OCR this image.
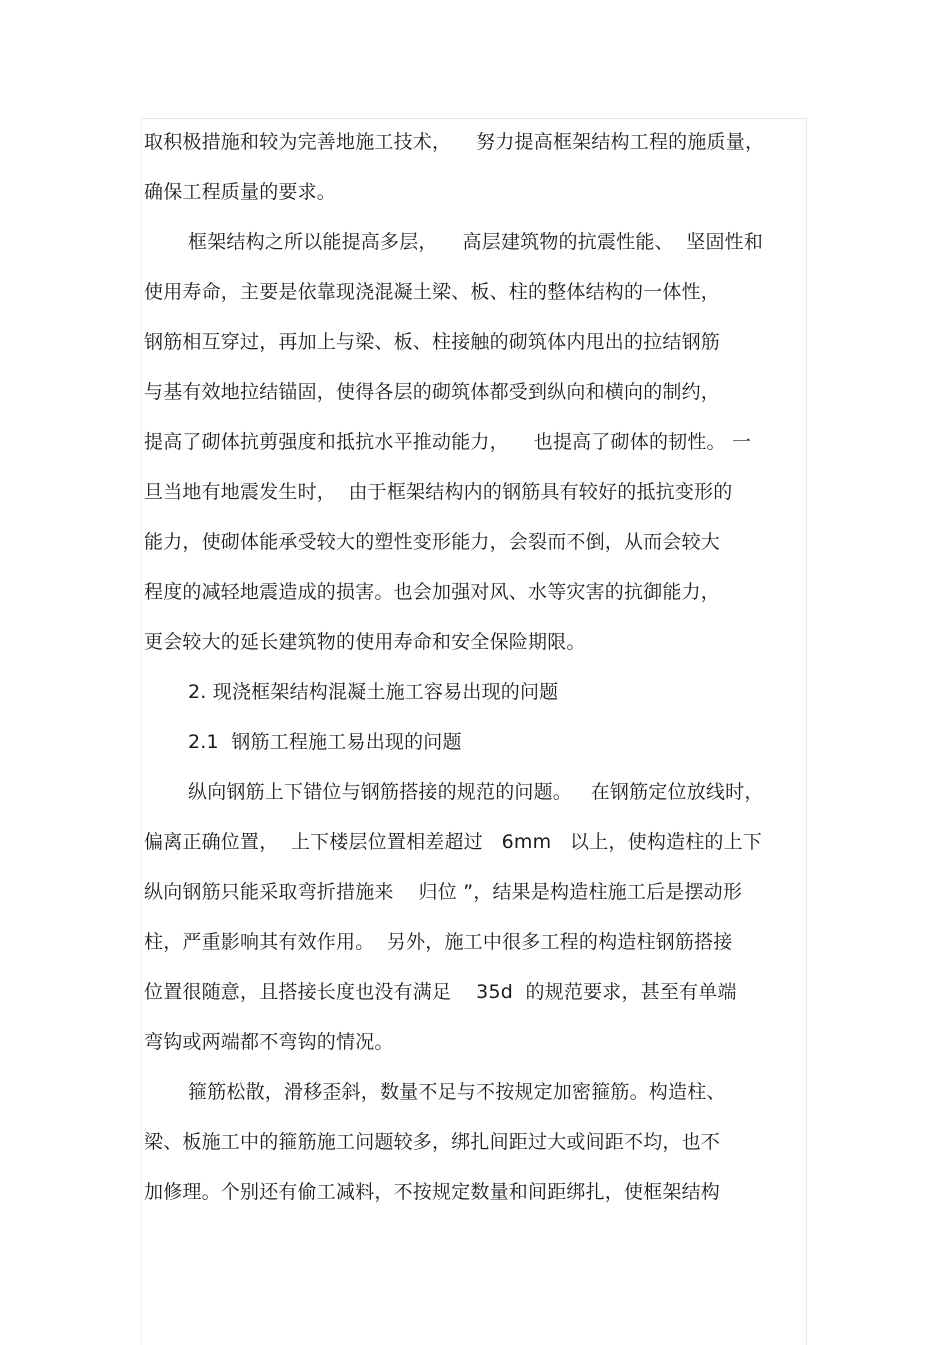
取积极措施和较为完善地施工技术，    努力提高框架结构工程的施质量，
确保工程质量的要求。
框架结构之所以能提高多层，    高层建筑物的抗震性能、  坚固性和
使用寿命，主要是依靠现浇混凝土梁、板、柱的整体结构的一体性，
钢筋相互穿过，再加上与梁、板、柱接触的砌筑体内甩出的拉结钢筋
与基有效地拉结锚固，使得各层的砌筑体都受到纵向和横向的制约，
提高了砌体抗剪强度和抵抗水平推动能力，    也提高了砌体的韧性。 一
旦当地有地震发生时，  由于框架结构内的钢筋具有较好的抵抗变形的
能力，使砌体能承受较大的塑性变形能力，会裂而不倒，从而会较大
程度的减轻地震造成的损害。也会加强对风、水等灾害的抗御能力，
更会较大的延长建筑物的使用寿命和安全保险期限。
2. 现浇框架结构混凝土施工容易出现的问题
2.1  钢筋工程施工易出现的问题
纵向钢筋上下错位与钢筋搭接的规范的问题。   在钢筋定位放线时，
偏离正确位置，  上下楼层位置相差超过   6mm   以上，使构造柱的上下
纵向钢筋只能采取弯折措施来    归位 ”，结果是构造柱施工后是摆动形
柱，严重影响其有效作用。  另外，施工中很多工程的构造柱钢筋搭接
位置很随意，且搭接长度也没有满足    35d  的规范要求，甚至有单端
弯钩或两端都不弯钩的情况。
箍筋松散，滑移歪斜，数量不足与不按规定加密箍筋。构造柱、
梁、板施工中的箍筋施工问题较多，绑扎间距过大或间距不均，也不
加修理。个别还有偷工减料，不按规定数量和间距绑扎，使框架结构
